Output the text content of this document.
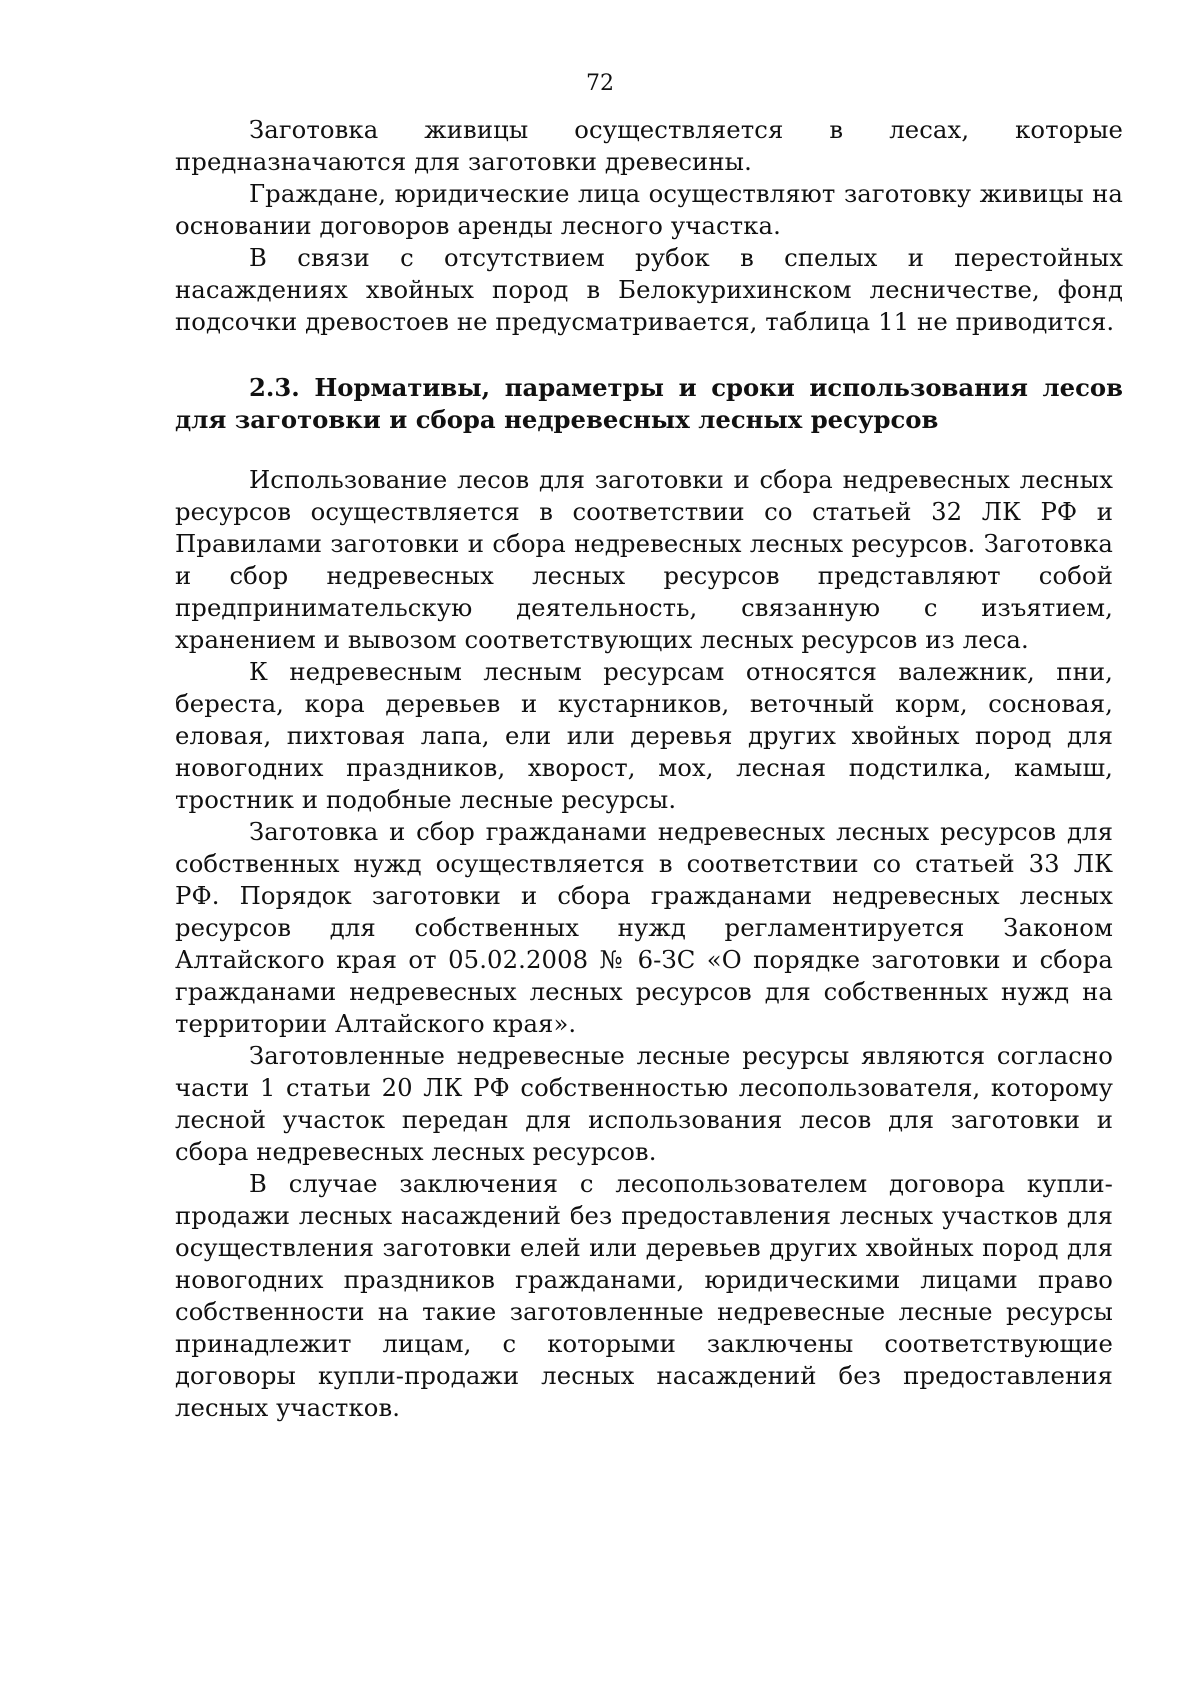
72

Заготовка живицы осуществляется в лесах, которые предназначаются для заготовки древесины.

Граждане, юридические лица осуществляют заготовку живицы на основании договоров аренды лесного участка.

В связи с отсутствием рубок в спелых и перестойных насаждениях хвойных пород в Белокурихинском лесничестве, фонд подсочки древостоев не предусматривается, таблица 11 не приводится.

2.3. Нормативы, параметры и сроки использования лесов для заготовки и сбора недревесных лесных ресурсов

Использование лесов для заготовки и сбора недревесных лесных ресурсов осуществляется в соответствии со статьей 32 ЛК РФ и Правилами заготовки и сбора недревесных лесных ресурсов. Заготовка и сбор недревесных лесных ресурсов представляют собой предпринимательскую деятельность, связанную с изъятием, хранением и вывозом соответствующих лесных ресурсов из леса.

К недревесным лесным ресурсам относятся валежник, пни, береста, кора деревьев и кустарников, веточный корм, сосновая, еловая, пихтовая лапа, ели или деревья других хвойных пород для новогодних праздников, хворост, мох, лесная подстилка, камыш, тростник и подобные лесные ресурсы.

Заготовка и сбор гражданами недревесных лесных ресурсов для собственных нужд осуществляется в соответствии со статьей 33 ЛК РФ. Порядок заготовки и сбора гражданами недревесных лесных ресурсов для собственных нужд регламентируется Законом Алтайского края от 05.02.2008 № 6-ЗС «О порядке заготовки и сбора гражданами недревесных лесных ресурсов для собственных нужд на территории Алтайского края».

Заготовленные недревесные лесные ресурсы являются согласно части 1 статьи 20 ЛК РФ собственностью лесопользователя, которому лесной участок передан для использования лесов для заготовки и сбора недревесных лесных ресурсов.

В случае заключения с лесопользователем договора купли-продажи лесных насаждений без предоставления лесных участков для осуществления заготовки елей или деревьев других хвойных пород для новогодних праздников гражданами, юридическими лицами право собственности на такие заготовленные недревесные лесные ресурсы принадлежит лицам, с которыми заключены соответствующие договоры купли-продажи лесных насаждений без предоставления лесных участков.
